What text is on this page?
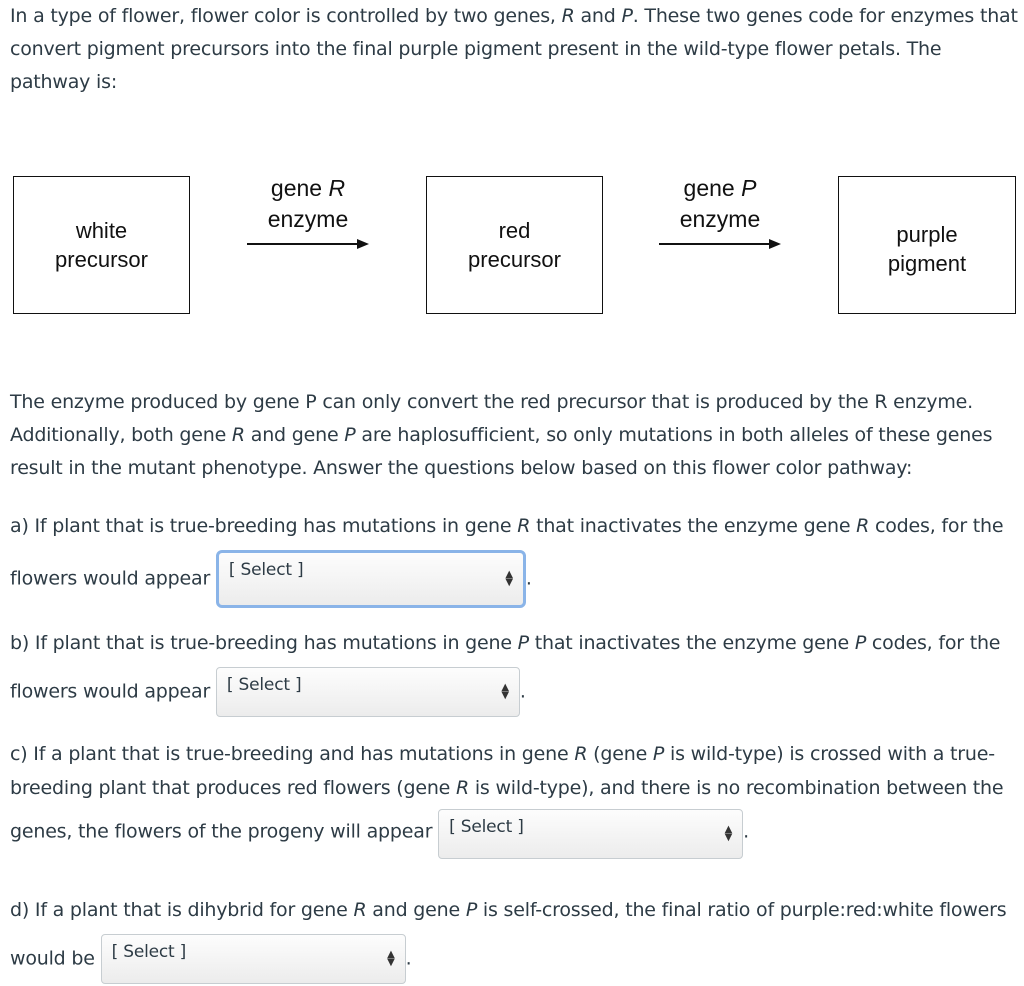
In a type of flower, flower color is controlled by two genes, R and P. These two genes code for enzymes that convert pigment precursors into the final purple pigment present in the wild-type flower petals. The pathway is:

white
precursor
gene R
enzyme	red
precursor
gene P
enzyme
purple
pigment

The enzyme produced by gene P can only convert the red precursor that is produced by the R enzyme. Additionally, both gene R and gene P are haplosufficient, so only mutations in both alleles of these genes result in the mutant phenotype. Answer the questions below based on this flower color pathway:

a) If plant that is true-breeding has mutations in gene R that inactivates the enzyme gene R codes, for the flowers would appear [ Select ]	▲
▼ .
b) If plant that is true-breeding has mutations in gene P that inactivates the enzyme gene P codes, for the flowers would appear [ Select ]	▲
▼ .
c) If a plant that is true-breeding and has mutations in gene R (gene P is wild-type) is crossed with a true-breeding plant that produces red flowers (gene R is wild-type), and there is no recombination between the genes, the flowers of the progeny will appear [ Select ]	▲
▼ .
d) If a plant that is dihybrid for gene R and gene P is self-crossed, the final ratio of purple:red:white flowers would be [ Select ]	▲
▼ .
